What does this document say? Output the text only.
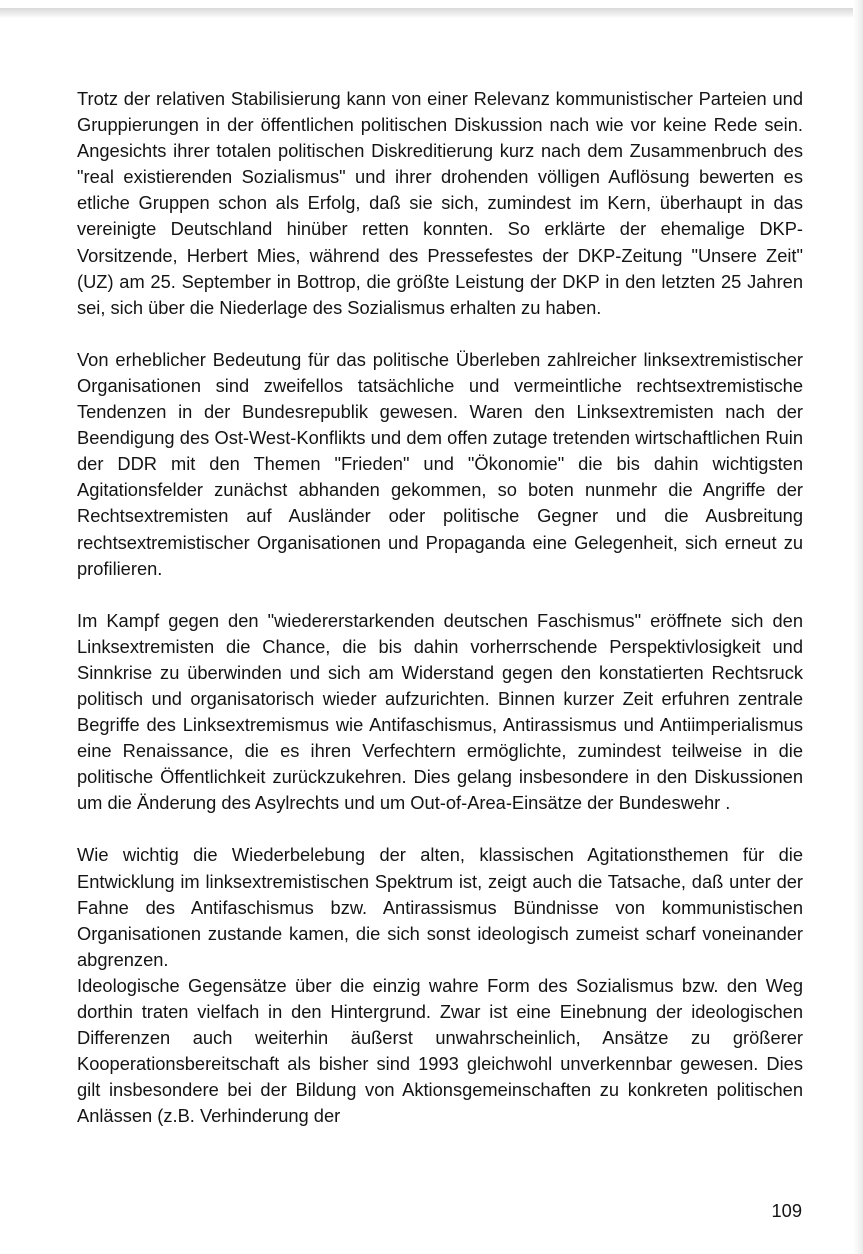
Trotz der relativen Stabilisierung kann von einer Relevanz kommunistischer Parteien und Gruppierungen in der öffentlichen politischen Diskussion nach wie vor keine Rede sein. Angesichts ihrer totalen politischen Diskreditierung kurz nach dem Zusammenbruch des "real existierenden Sozialismus" und ihrer drohenden völligen Auflösung bewerten es etliche Gruppen schon als Erfolg, daß sie sich, zumindest im Kern, überhaupt in das vereinigte Deutschland hinüber retten konnten. So erklärte der ehemalige DKP-Vorsitzende, Herbert Mies, während des Pressefestes der DKP-Zeitung "Unsere Zeit" (UZ) am 25. September in Bottrop, die größte Leistung der DKP in den letzten 25 Jahren sei, sich über die Niederlage des Sozialismus erhalten zu haben.

Von erheblicher Bedeutung für das politische Überleben zahlreicher linksextremistischer Organisationen sind zweifellos tatsächliche und vermeintliche rechtsextremistische Tendenzen in der Bundesrepublik gewesen. Waren den Linksextremisten nach der Beendigung des Ost-West-Konflikts und dem offen zutage tretenden wirtschaftlichen Ruin der DDR mit den Themen "Frieden" und "Ökonomie" die bis dahin wichtigsten Agitationsfelder zunächst abhanden gekommen, so boten nunmehr die Angriffe der Rechtsextremisten auf Ausländer oder politische Gegner und die Ausbreitung rechtsextremistischer Organisationen und Propaganda eine Gelegenheit, sich erneut zu profilieren.

Im Kampf gegen den "wiedererstarkenden deutschen Faschismus" eröffnete sich den Linksextremisten die Chance, die bis dahin vorherrschende Perspektivlosigkeit und Sinnkrise zu überwinden und sich am Widerstand gegen den konstatierten Rechtsruck politisch und organisatorisch wieder aufzurichten. Binnen kurzer Zeit erfuhren zentrale Begriffe des Linksextremismus wie Antifaschismus, Antirassismus und Antiimperialismus eine Renaissance, die es ihren Verfechtern ermöglichte, zumindest teilweise in die politische Öffentlichkeit zurückzukehren. Dies gelang insbesondere in den Diskussionen um die Änderung des Asylrechts und um Out-of-Area-Einsätze der Bundeswehr .

Wie wichtig die Wiederbelebung der alten, klassischen Agitationsthemen für die Entwicklung im linksextremistischen Spektrum ist, zeigt auch die Tatsache, daß unter der Fahne des Antifaschismus bzw. Antirassismus Bündnisse von kommunistischen Organisationen zustande kamen, die sich sonst ideologisch zumeist scharf voneinander abgrenzen.

Ideologische Gegensätze über die einzig wahre Form des Sozialismus bzw. den Weg dorthin traten vielfach in den Hintergrund. Zwar ist eine Einebnung der ideologischen Differenzen auch weiterhin äußerst unwahrscheinlich, Ansätze zu größerer Kooperationsbereitschaft als bisher sind 1993 gleichwohl unverkennbar gewesen. Dies gilt insbesondere bei der Bildung von Aktionsgemeinschaften zu konkreten politischen Anlässen (z.B. Verhinderung der

109
